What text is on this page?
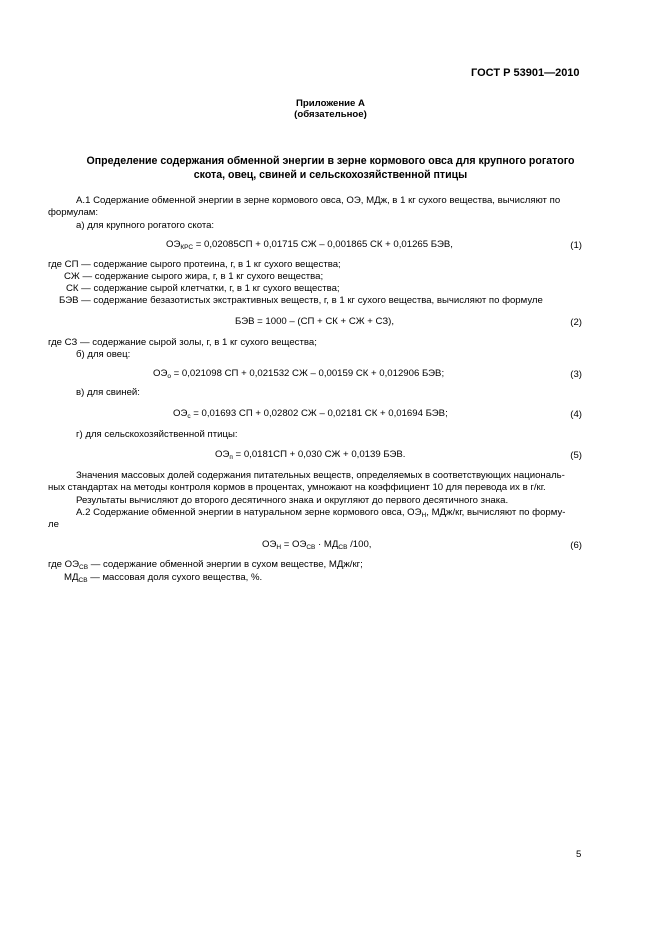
ГОСТ Р 53901—2010
Приложение А
(обязательное)
Определение содержания обменной энергии в зерне кормового овса для крупного рогатого
скота, овец, свиней и сельскохозяйственной птицы
А.1 Содержание обменной энергии в зерне кормового овса, ОЭ, МДж, в 1 кг сухого вещества, вычисляют по
формулам:
а) для крупного рогатого скота:
$ОЭ_{КРС} = 0,02085СП + 0,01715$ СЖ – 0,001865 СК + 0,01265 БЭВ,	(1)
где СП — содержание сырого протеина, г, в 1 кг сухого вещества;
СЖ — содержание сырого жира, г, в 1 кг сухого вещества;
СК — содержание сырой клетчатки, г, в 1 кг сухого вещества;
БЭВ — содержание безазотистых экстрактивных веществ, г, в 1 кг сухого вещества, вычисляют по формуле
БЭВ = 1000 – (СП + СК + СЖ + СЗ),	(2)
где СЗ — содержание сырой золы, г, в 1 кг сухого вещества;
б) для овец:
$ОЭ_о = 0,021098$ СП + 0,021532 СЖ – 0,00159 СК + 0,012906 БЭВ;	(3)
в) для свиней:
$ОЭ_с = 0,01693$ СП + 0,02802 СЖ – 0,02181 СК + 0,01694 БЭВ;	(4)
г) для сельскохозяйственной птицы:
$ОЭ_п = 0,0181СП + 0,030$ СЖ + 0,0139 БЭВ.	(5)
Значения массовых долей содержания питательных веществ, определяемых в соответствующих националь-
ных стандартах на методы контроля кормов в процентах, умножают на коэффициент 10 для перевода их в г/кг.
Результаты вычисляют до второго десятичного знака и округляют до первого десятичного знака.
А.2 Содержание обменной энергии в натуральном зерне кормового овса, $ОЭ_Н$, МДж/кг, вычисляют по форму-
ле
$ОЭ_Н = ОЭ_{СВ} \cdot МД_{СВ}$ /100,	(6)
где $ОЭ_{СВ}$ — содержание обменной энергии в сухом веществе, МДж/кг;
$МД_{СВ}$ — массовая доля сухого вещества, %.
5
